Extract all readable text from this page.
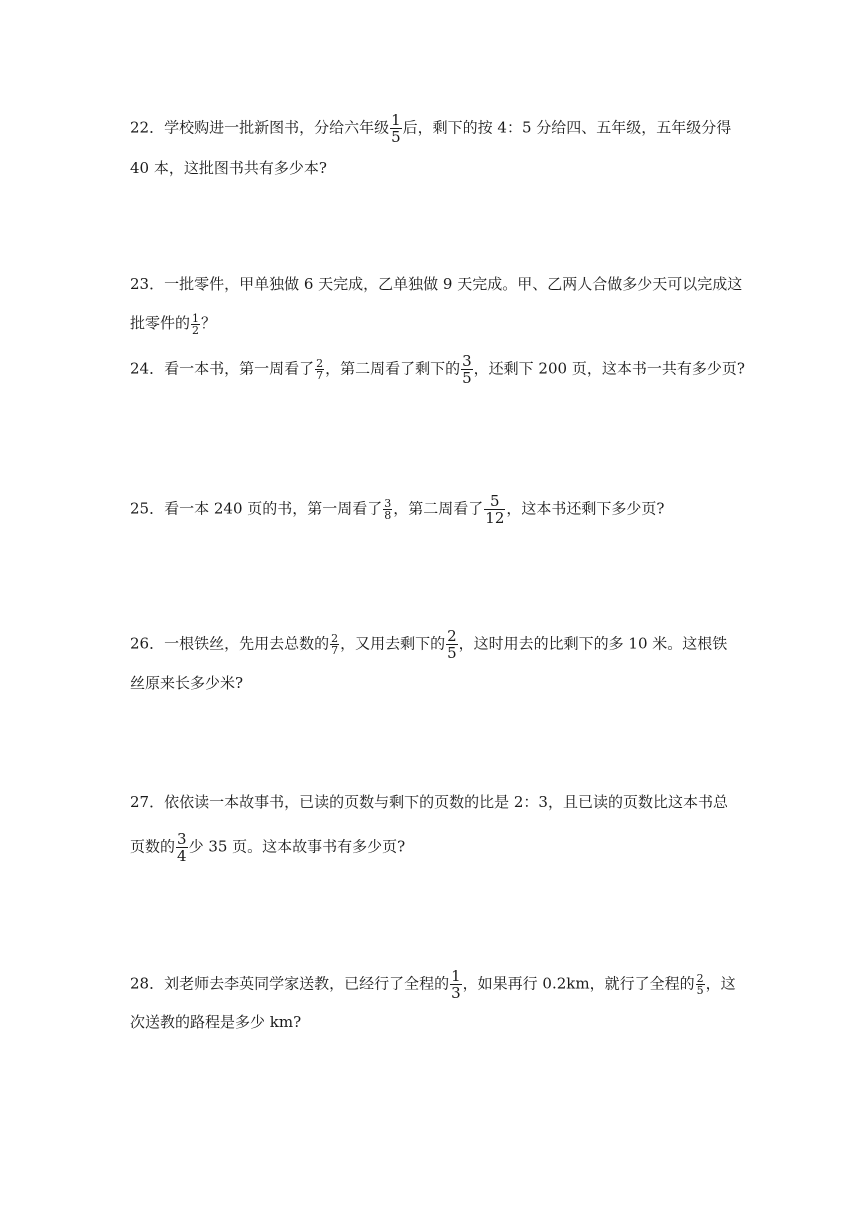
22．学校购进一批新图书，分给六年级 $\frac{1}{5}$ 后，剩下的按 4：5 分给四、五年级，五年级分得
40 本，这批图书共有多少本?
23．一批零件，甲单独做 6 天完成，乙单独做 9 天完成。甲、乙两人合做多少天可以完成这
批零件的 $\frac{1}{2}$ ？
24．看一本书，第一周看了 $\frac{2}{7}$ ，第二周看了剩下的 $\frac{3}{5}$ ，还剩下 200 页，这本书一共有多少页?
25．看一本 240 页的书，第一周看了 $\frac{3}{8}$ ，第二周看了 $\frac{5}{12}$ ，这本书还剩下多少页?
26．一根铁丝，先用去总数的 $\frac{2}{7}$ ，又用去剩下的 $\frac{2}{5}$ ，这时用去的比剩下的多 10 米。这根铁
丝原来长多少米?
27．依依读一本故事书，已读的页数与剩下的页数的比是 2：3，且已读的页数比这本书总
页数的 $\frac{3}{4}$ 少 35 页。这本故事书有多少页?
28．刘老师去李英同学家送教，已经行了全程的 $\frac{1}{3}$ ，如果再行 0.2km，就行了全程的 $\frac{2}{5}$ ，这
次送教的路程是多少 km?
